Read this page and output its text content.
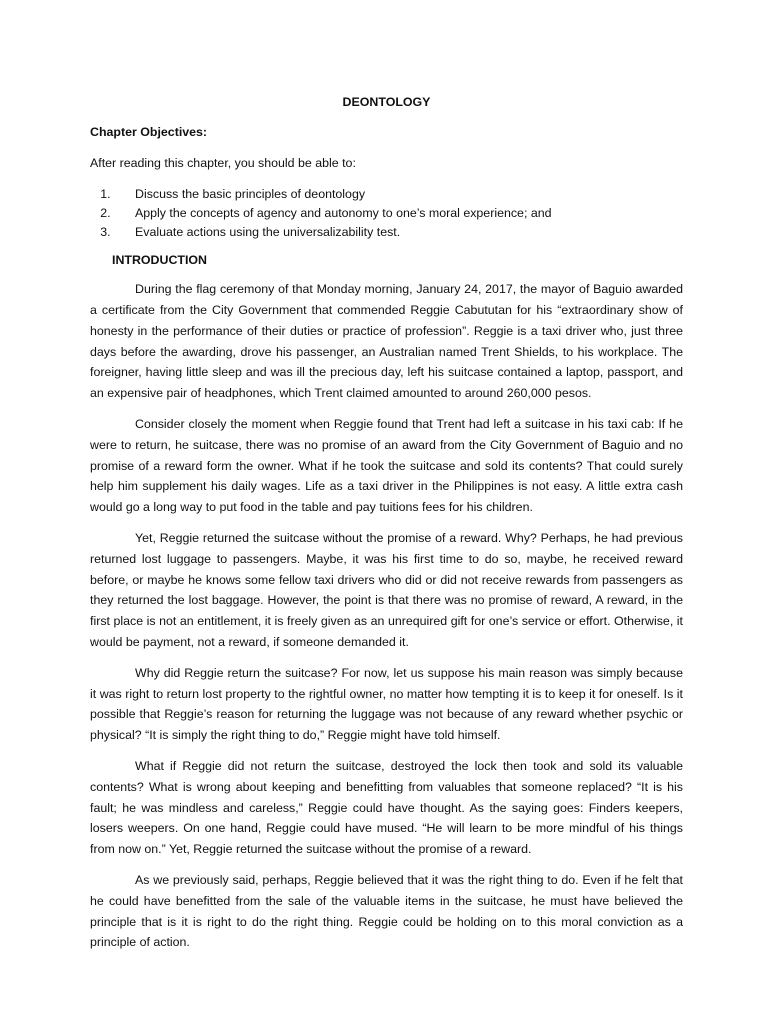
DEONTOLOGY
Chapter Objectives:
After reading this chapter, you should be able to:
1. Discuss the basic principles of deontology
2. Apply the concepts of agency and autonomy to one’s moral experience; and
3. Evaluate actions using the universalizability test.
INTRODUCTION

During the flag ceremony of that Monday morning, January 24, 2017, the mayor of Baguio awarded a certificate from the City Government that commended Reggie Cabututan for his “extraordinary show of honesty in the performance of their duties or practice of profession”. Reggie is a taxi driver who, just three days before the awarding, drove his passenger, an Australian named Trent Shields, to his workplace. The foreigner, having little sleep and was ill the precious day, left his suitcase contained a laptop, passport, and an expensive pair of headphones, which Trent claimed amounted to around 260,000 pesos.

Consider closely the moment when Reggie found that Trent had left a suitcase in his taxi cab: If he were to return, he suitcase, there was no promise of an award from the City Government of Baguio and no promise of a reward form the owner. What if he took the suitcase and sold its contents? That could surely help him supplement his daily wages. Life as a taxi driver in the Philippines is not easy. A little extra cash would go a long way to put food in the table and pay tuitions fees for his children.

Yet, Reggie returned the suitcase without the promise of a reward. Why? Perhaps, he had previous returned lost luggage to passengers. Maybe, it was his first time to do so, maybe, he received reward before, or maybe he knows some fellow taxi drivers who did or did not receive rewards from passengers as they returned the lost baggage. However, the point is that there was no promise of reward, A reward, in the first place is not an entitlement, it is freely given as an unrequired gift for one’s service or effort. Otherwise, it would be payment, not a reward, if someone demanded it.

Why did Reggie return the suitcase? For now, let us suppose his main reason was simply because it was right to return lost property to the rightful owner, no matter how tempting it is to keep it for oneself. Is it possible that Reggie’s reason for returning the luggage was not because of any reward whether psychic or physical? “It is simply the right thing to do,” Reggie might have told himself.

What if Reggie did not return the suitcase, destroyed the lock then took and sold its valuable contents? What is wrong about keeping and benefitting from valuables that someone replaced? “It is his fault; he was mindless and careless,” Reggie could have thought. As the saying goes: Finders keepers, losers weepers. On one hand, Reggie could have mused. “He will learn to be more mindful of his things from now on.” Yet, Reggie returned the suitcase without the promise of a reward.

As we previously said, perhaps, Reggie believed that it was the right thing to do. Even if he felt that he could have benefitted from the sale of the valuable items in the suitcase, he must have believed the principle that is it is right to do the right thing. Reggie could be holding on to this moral conviction as a principle of action.
